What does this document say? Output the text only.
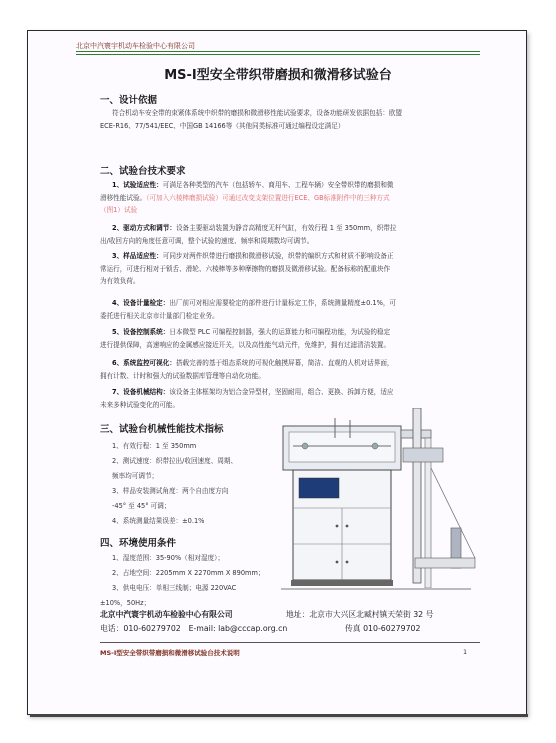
北京中汽寰宇机动车检验中心有限公司
MS-Ⅰ型安全带织带磨损和微滑移试验台
一、设计依据
符合机动车安全带的束紧体系统中织带的磨损和微滑移性能试验要求，设备功能研发依据包括：欧盟
ECE-R16、77/541/EEC、中国GB 14166等（其他同类标准可通过编程设定满足）
二、试验台技术要求
1、试验适应性：可满足各种类型的汽车（包括轿车、商用车、工程车辆）安全带织带的磨损和微
滑移性能试验。（可加入六棱棒磨损试验）可通过改变支架位置进行ECE、GB标准附件中的三种方式
（图1）试验
2、驱动方式和调节：设备主要驱动装置为静音高精度无杆气缸，有效行程 1 至 350mm，织带拉
出/收回方向的角度任意可调，整个试验的速度、频率和周期数均可调节。
3、样品适应性：可同步对两件织带进行磨损和微滑移试验，织带的编织方式和材质不影响设备正
常运行，可进行相对于锁舌、滑轮、六棱棒等多种摩擦物的磨损及微滑移试验。配备标称的配重块作
为有效负荷。
4、设备计量检定：出厂前可对相应需要检定的部件进行计量标定工作，系统测量精度±0.1%，可
委托进行相关北京市计量部门检定业务。
5、设备控制系统：日本微型 PLC 可编程控制器，强大的运算能力和可编程功能，为试验的稳定
进行提供保障，高速响应的金属感应接近开关，以及高性能气动元件，免维护，拥有过滤清洁装置。
6、系统监控可视化：搭载完善的基于组态系统的可视化触摸屏幕，简洁、直观的人机对话界面，
拥有计数、计时和强大的试验数据库管理等自动化功能。
7、设备机械结构：该设备主体框架均为铝合金异型材，坚固耐用，组合、更换、拆卸方便，适应
未来多种试验变化的可能。
三、试验台机械性能技术指标
1、有效行程：1 至 350mm
2、测试速度：织带拉出/收回速度、周期、
频率均可调节；
3、样品安装测试角度：两个自由度方向
-45° 至 45° 可调；
4、系统测量结果误差：±0.1%
四、环境使用条件
1、湿度范围：35-90%（相对湿度）；
2、占地空间：2205mm X 2270mm X 890mm；
3、供电电压：单相三线制；电源 220VAC
±10%，50Hz；
北京中汽寰宇机动车检验中心有限公司	地址：北京市大兴区北臧村镇天荣街 32 号
电话：010-60279702　E-mail: lab@cccap.org.cn	传真 010-60279702
MS-Ⅰ型安全带织带磨损和微滑移试验台技术说明	1
